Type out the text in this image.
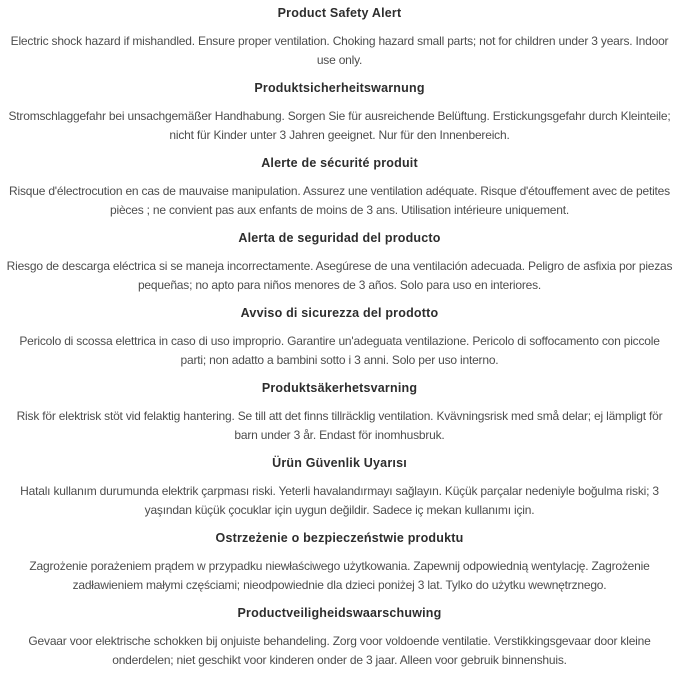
Product Safety Alert
Electric shock hazard if mishandled. Ensure proper ventilation. Choking hazard small parts; not for children under 3 years. Indoor use only.
Produktsicherheitswarnung
Stromschlaggefahr bei unsachgemäßer Handhabung. Sorgen Sie für ausreichende Belüftung. Erstickungsgefahr durch Kleinteile; nicht für Kinder unter 3 Jahren geeignet. Nur für den Innenbereich.
Alerte de sécurité produit
Risque d'électrocution en cas de mauvaise manipulation. Assurez une ventilation adéquate. Risque d'étouffement avec de petites pièces ; ne convient pas aux enfants de moins de 3 ans. Utilisation intérieure uniquement.
Alerta de seguridad del producto
Riesgo de descarga eléctrica si se maneja incorrectamente. Asegúrese de una ventilación adecuada. Peligro de asfixia por piezas pequeñas; no apto para niños menores de 3 años. Solo para uso en interiores.
Avviso di sicurezza del prodotto
Pericolo di scossa elettrica in caso di uso improprio. Garantire un'adeguata ventilazione. Pericolo di soffocamento con piccole parti; non adatto a bambini sotto i 3 anni. Solo per uso interno.
Produktsäkerhetsvarning
Risk för elektrisk stöt vid felaktig hantering. Se till att det finns tillräcklig ventilation. Kvävningsrisk med små delar; ej lämpligt för barn under 3 år. Endast för inomhusbruk.
Ürün Güvenlik Uyarısı
Hatalı kullanım durumunda elektrik çarpması riski. Yeterli havalandırmayı sağlayın. Küçük parçalar nedeniyle boğulma riski; 3 yaşından küçük çocuklar için uygun değildir. Sadece iç mekan kullanımı için.
Ostrzeżenie o bezpieczeństwie produktu
Zagrożenie porażeniem prądem w przypadku niewłaściwego użytkowania. Zapewnij odpowiednią wentylację. Zagrożenie zadławieniem małymi częściami; nieodpowiednie dla dzieci poniżej 3 lat. Tylko do użytku wewnętrznego.
Productveiligheidswaarschuwing
Gevaar voor elektrische schokken bij onjuiste behandeling. Zorg voor voldoende ventilatie. Verstikkingsgevaar door kleine onderdelen; niet geschikt voor kinderen onder de 3 jaar. Alleen voor gebruik binnenshuis.
